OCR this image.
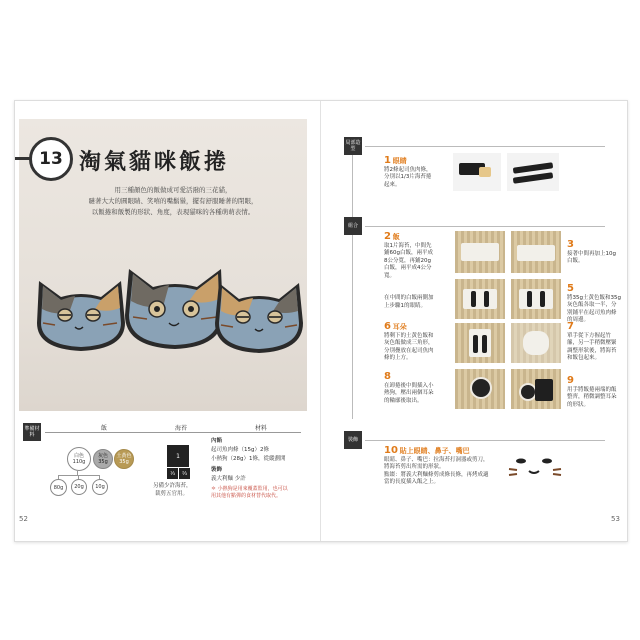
13 淘氣貓咪飯捲

用三種顏色的飯做成可愛活潑的三花貓，

瞇著大大的圓眼睛、笑嘻的嘴鬍鬚，擺有舒服睡著的閉眼，

以飯捲和飯製的形狀、角度，表現貓咪的各種萌萌表情。

準備材料
飯	海苔	材料
白色
110g
灰色
35g
土黃色
35g
80g	20g	10g
1
⅓	⅔
另備少許海苔，
裁剪五官用。
內餡
起司魚肉條（15g）2條
小熱狗（28g）1條，從縱劃開
裝飾
義大利麵 少許
＊ 小熱狗是用來覆蓋監用，也可以
用其他有點彈的食材替代取代。
52
局部造型
1 眼睛
將2條起司魚肉條，
分別以1/3片海苔捲
起來。
組合
2 飯
取1片海苔，中間先
鋪60g白飯，兩平成
8公分寬，再鋪20g
白飯，兩平成4公分
寬。
3
接著中間再加上10g
白飯。
在中間的白飯兩側加
上步驟1的眼睛。
5
將35g土黃色飯和35g
灰色飯各取一半，分
別鋪平在起司魚肉條
的周邊。
6 耳朵
將剩下的土黃色飯和
灰色飯做成三角形，
分別疊放在起司魚肉
條的上方。
7
單手從下方握起竹
簾，另一手稍微壓緊
調整形狀後，將海苔
和飯包起來。
8
在卸捲後中間插入小
熱狗，壓出兩個耳朵
的輪廓後取出。
9
用手將飯捲兩端的飯
整齊，稍微調整耳朵
的形狀。
裝飾
10 貼上眼睛、鼻子、嘴巴
眼睛、鼻子、嘴巴：拉海苔打洞器或剪刀，
將海苔剪出所需的形狀。
點綴：將義大利麵條剪成條長條，再烤成適
當的長度插入飯之上。
53
